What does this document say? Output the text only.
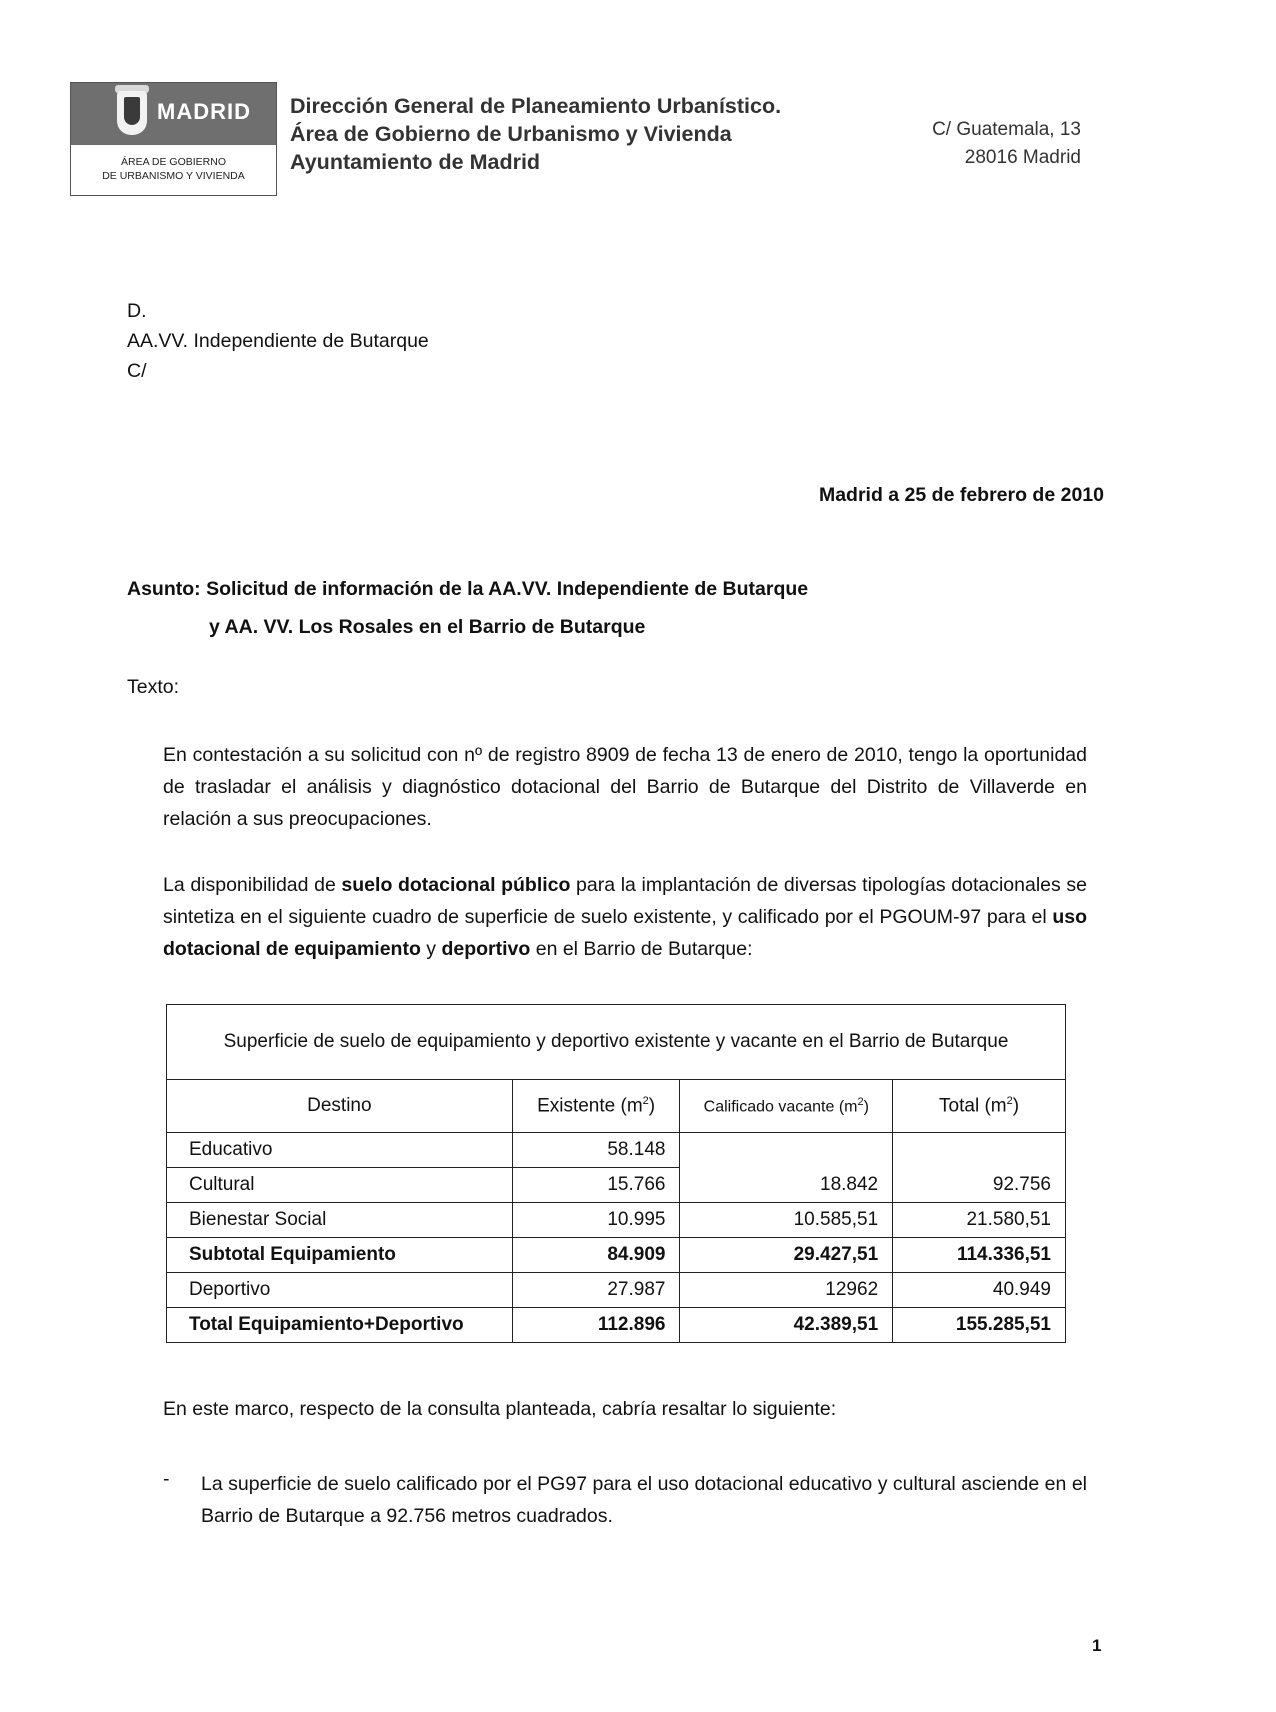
MADRID
ÁREA DE GOBIERNO
DE URBANISMO Y VIVIENDA
Dirección General de Planeamiento Urbanístico.
Área de Gobierno de Urbanismo y Vivienda
Ayuntamiento de Madrid
C/ Guatemala, 13
28016 Madrid
D.
AA.VV. Independiente de Butarque
C/
Madrid a 25 de febrero de 2010
Asunto: Solicitud de información de la AA.VV. Independiente de Butarque
y AA. VV. Los Rosales en el Barrio de Butarque
Texto:
En contestación a su solicitud con nº de registro 8909 de fecha 13 de enero de 2010, tengo la oportunidad de trasladar el análisis y diagnóstico dotacional del Barrio de Butarque del Distrito de Villaverde en relación a sus preocupaciones.
La disponibilidad de suelo dotacional público para la implantación de diversas tipologías dotacionales se sintetiza en el siguiente cuadro de superficie de suelo existente, y calificado por el PGOUM-97 para el uso dotacional de equipamiento y deportivo en el Barrio de Butarque:
Superficie de suelo de equipamiento y deportivo existente y vacante en el Barrio de Butarque			
Destino	Existente $(m^2)$	Calificado vacante $(m^2)$	Total $(m^2)$
Educativo	58.148		
Cultural	15.766	18.842	92.756
Bienestar Social	10.995	10.585,51	21.580,51
Subtotal Equipamiento	84.909	29.427,51	114.336,51
Deportivo	27.987	12962	40.949
Total Equipamiento+Deportivo	112.896	42.389,51	155.285,51
En este marco, respecto de la consulta planteada, cabría resaltar lo siguiente:
- La superficie de suelo calificado por el PG97 para el uso dotacional educativo y cultural asciende en el Barrio de Butarque a 92.756 metros cuadrados.
1
